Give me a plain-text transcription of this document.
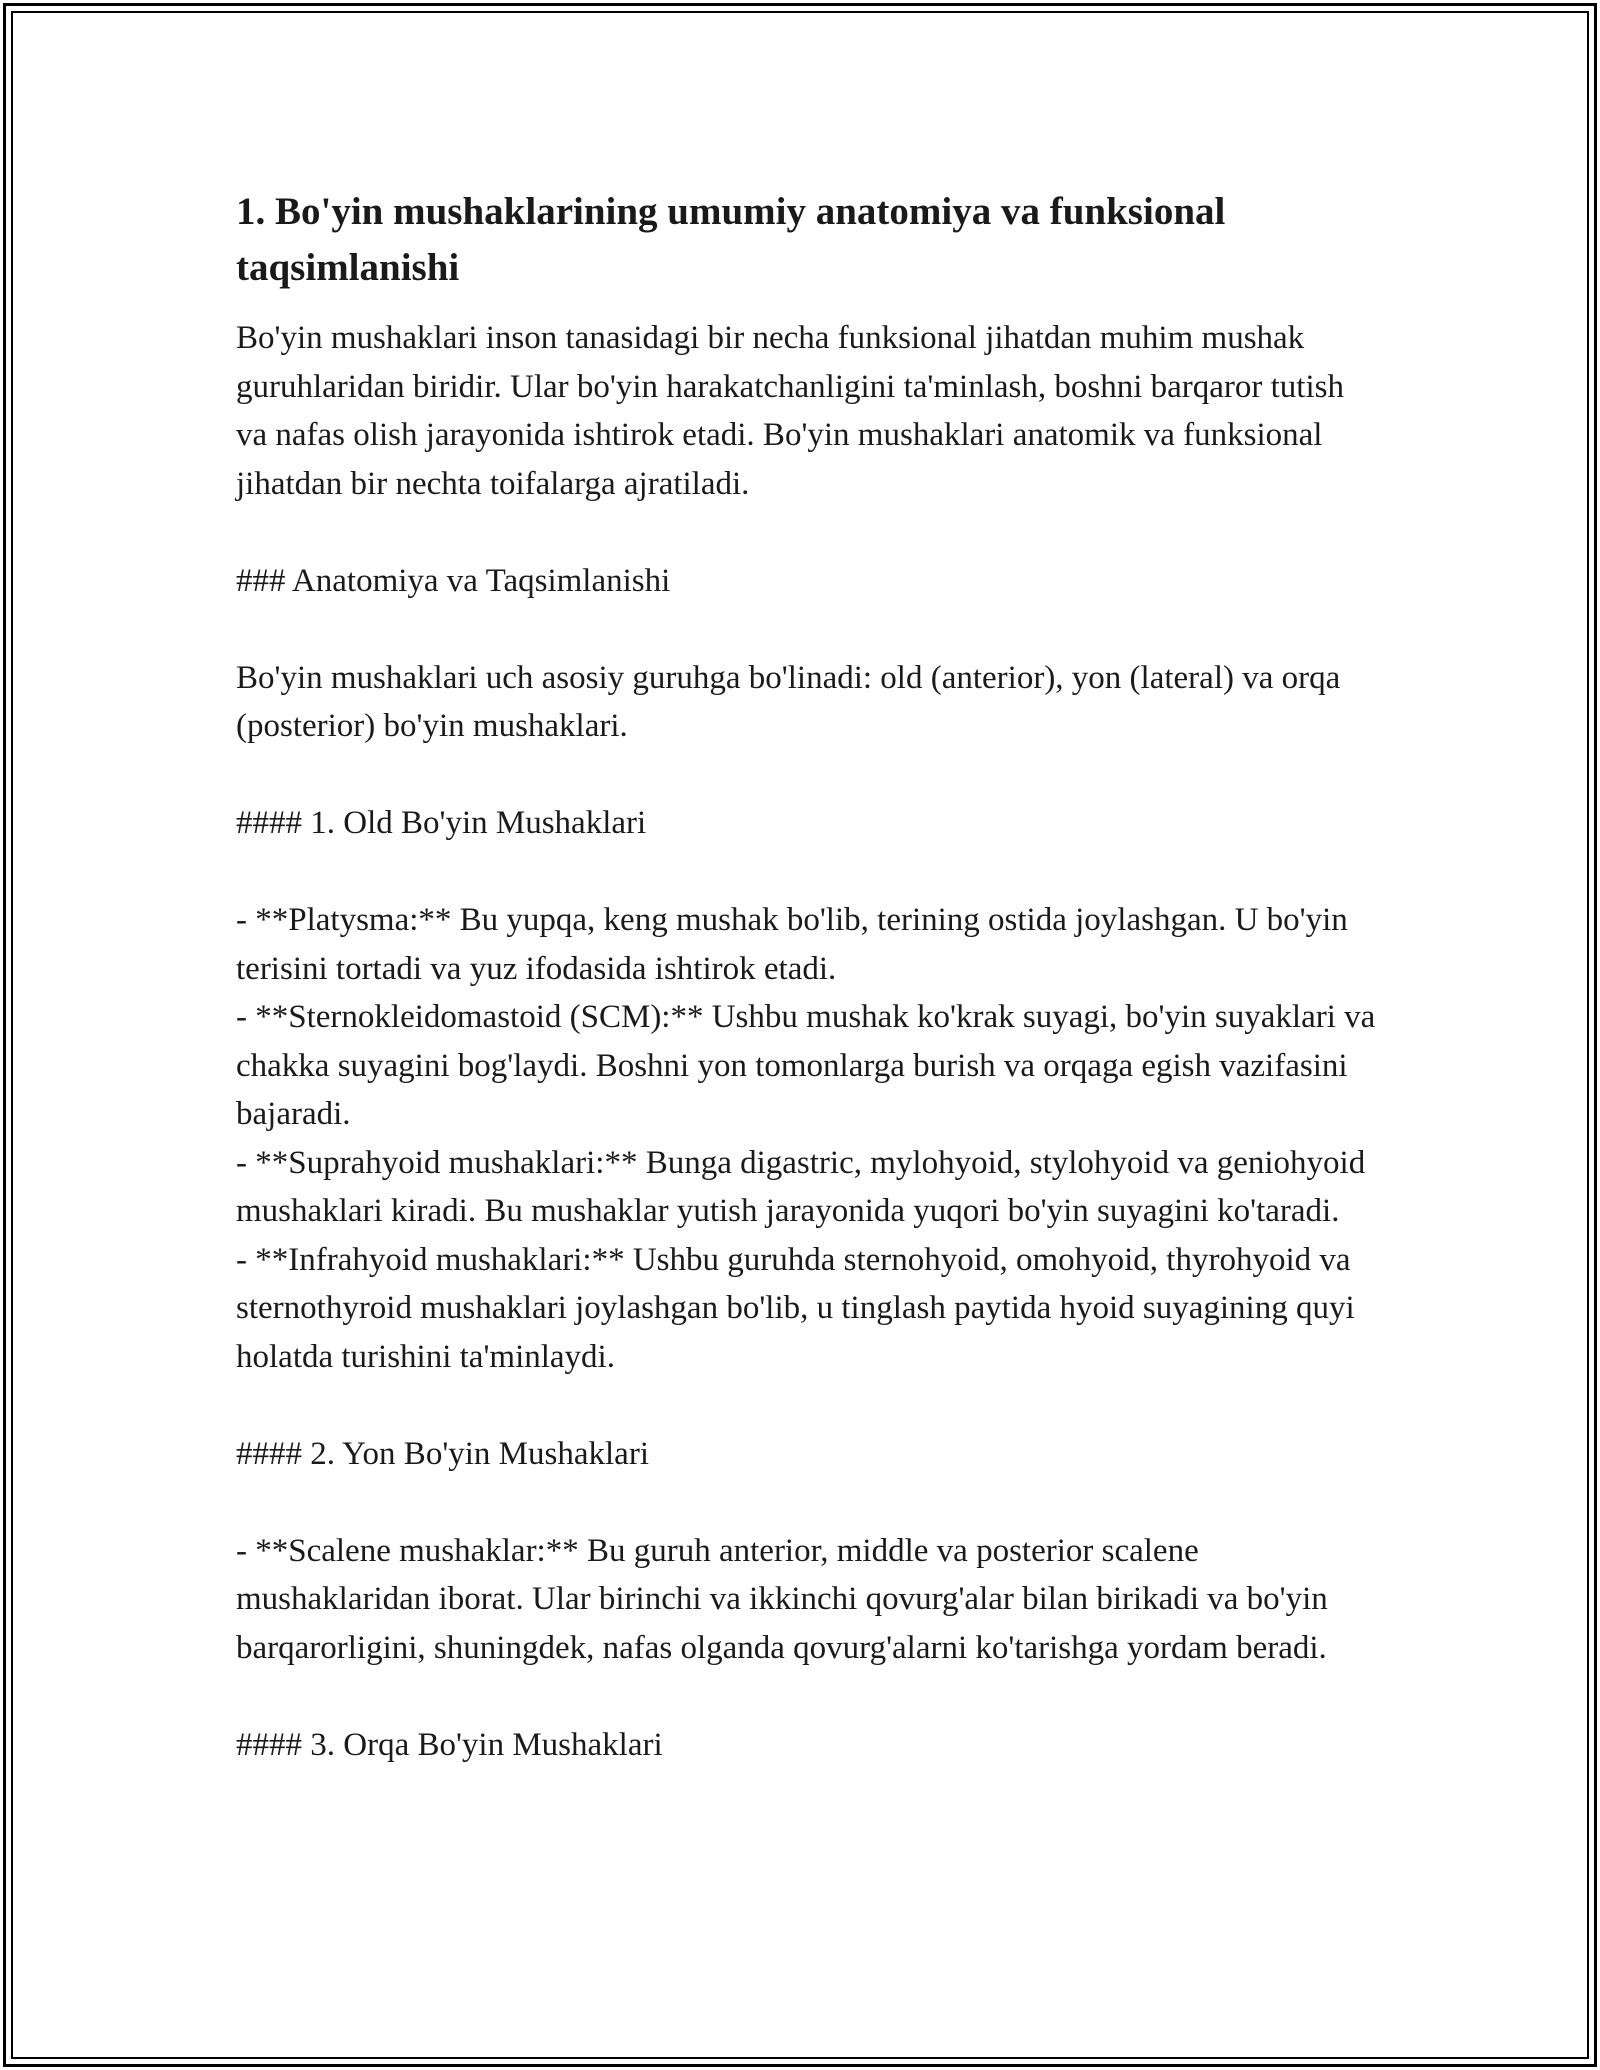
1. Bo'yin mushaklarining umumiy anatomiya va funksional taqsimlanishi

Bo'yin mushaklari inson tanasidagi bir necha funksional jihatdan muhim mushak guruhlaridan biridir. Ular bo'yin harakatchanligini ta'minlash, boshni barqaror tutish va nafas olish jarayonida ishtirok etadi. Bo'yin mushaklari anatomik va funksional jihatdan bir nechta toifalarga ajratiladi.

### Anatomiya va Taqsimlanishi

Bo'yin mushaklari uch asosiy guruhga bo'linadi: old (anterior), yon (lateral) va orqa (posterior) bo'yin mushaklari.

#### 1. Old Bo'yin Mushaklari

- **Platysma:** Bu yupqa, keng mushak bo'lib, terining ostida joylashgan. U bo'yin terisini tortadi va yuz ifodasida ishtirok etadi.

- **Sternokleidomastoid (SCM):** Ushbu mushak ko'krak suyagi, bo'yin suyaklari va chakka suyagini bog'laydi. Boshni yon tomonlarga burish va orqaga egish vazifasini bajaradi.

- **Suprahyoid mushaklari:** Bunga digastric, mylohyoid, stylohyoid va geniohyoid mushaklari kiradi. Bu mushaklar yutish jarayonida yuqori bo'yin suyagini ko'taradi.

- **Infrahyoid mushaklari:** Ushbu guruhda sternohyoid, omohyoid, thyrohyoid va sternothyroid mushaklari joylashgan bo'lib, u tinglash paytida hyoid suyagining quyi holatda turishini ta'minlaydi.

#### 2. Yon Bo'yin Mushaklari

- **Scalene mushaklar:** Bu guruh anterior, middle va posterior scalene mushaklaridan iborat. Ular birinchi va ikkinchi qovurg'alar bilan birikadi va bo'yin barqarorligini, shuningdek, nafas olganda qovurg'alarni ko'tarishga yordam beradi.

#### 3. Orqa Bo'yin Mushaklari
